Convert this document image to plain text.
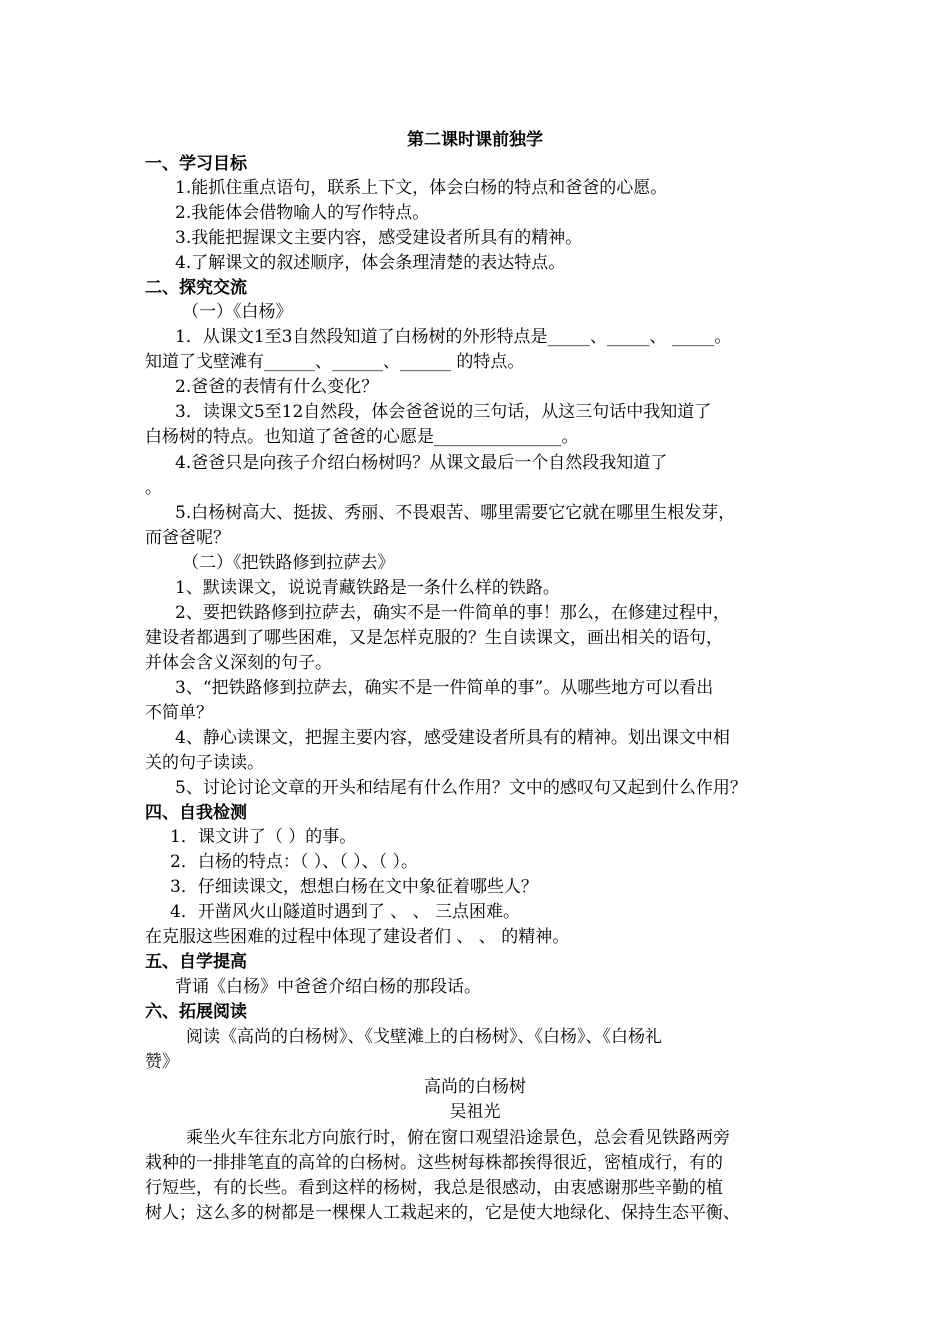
第二课时课前独学
一、学习目标
1.能抓住重点语句，联系上下文，体会白杨的特点和爸爸的心愿。
2.我能体会借物喻人的写作特点。
3.我能把握课文主要内容，感受建设者所具有的精神。
4.了解课文的叙述顺序，体会条理清楚的表达特点。
二、探究交流
（一）《白杨》
1．从课文1至3自然段知道了白杨树的外形特点是_____、_____、 _____。
知道了戈壁滩有______、______、______ 的特点。
2.爸爸的表情有什么变化？
3．读课文5至12自然段，体会爸爸说的三句话，从这三句话中我知道了
白杨树的特点。也知道了爸爸的心愿是_______________。
4.爸爸只是向孩子介绍白杨树吗？从课文最后一个自然段我知道了
。
5.白杨树高大、挺拔、秀丽、不畏艰苦、哪里需要它它就在哪里生根发芽，
而爸爸呢？
（二）《把铁路修到拉萨去》
1、默读课文，说说青藏铁路是一条什么样的铁路。
2、要把铁路修到拉萨去，确实不是一件简单的事！那么，在修建过程中，
建设者都遇到了哪些困难，又是怎样克服的？生自读课文，画出相关的语句，
并体会含义深刻的句子。
3、“把铁路修到拉萨去，确实不是一件简单的事”。从哪些地方可以看出
不简单？
4、静心读课文，把握主要内容，感受建设者所具有的精神。划出课文中相
关的句子读读。
5、讨论讨论文章的开头和结尾有什么作用？文中的感叹句又起到什么作用？
四、自我检测
1．课文讲了（ ）的事。
2．白杨的特点：（ ）、（ ）、（ ）。
3．仔细读课文，想想白杨在文中象征着哪些人？
4．开凿风火山隧道时遇到了 、 、 三点困难。
在克服这些困难的过程中体现了建设者们 、 、 的精神。
五、自学提高
背诵《白杨》中爸爸介绍白杨的那段话。
六、拓展阅读
阅读《高尚的白杨树》、《戈壁滩上的白杨树》、《白杨》、《白杨礼
赞》
高尚的白杨树
吴祖光
乘坐火车往东北方向旅行时，俯在窗口观望沿途景色，总会看见铁路两旁
栽种的一排排笔直的高耸的白杨树。这些树每株都挨得很近，密植成行，有的
行短些，有的长些。看到这样的杨树，我总是很感动，由衷感谢那些辛勤的植
树人；这么多的树都是一棵棵人工栽起来的，它是使大地绿化、保持生态平衡、
